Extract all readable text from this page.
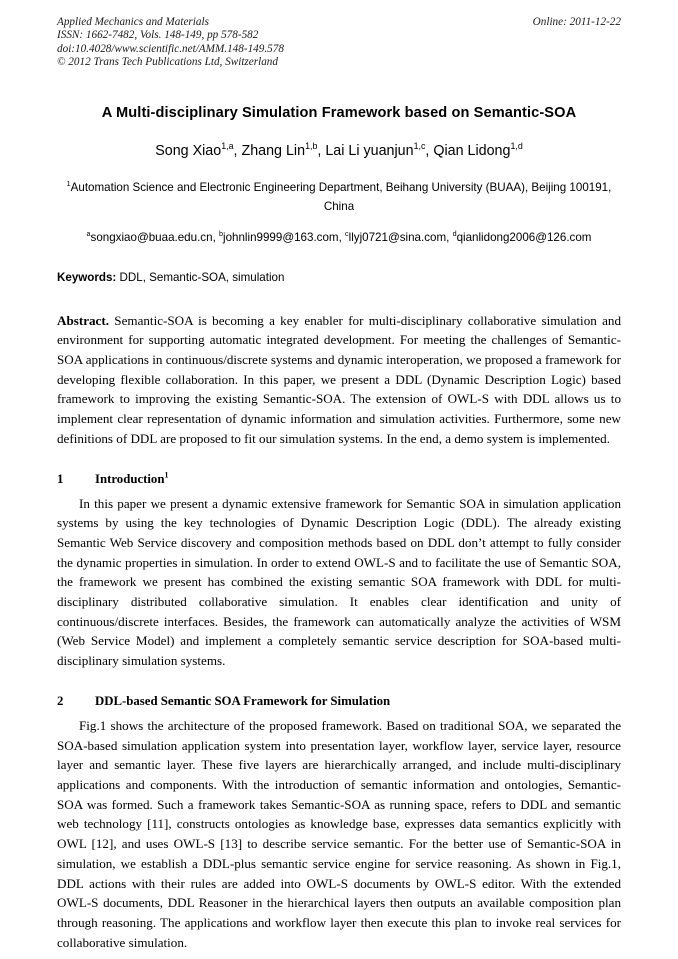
Applied Mechanics and Materials
ISSN: 1662-7482, Vols. 148-149, pp 578-582
doi:10.4028/www.scientific.net/AMM.148-149.578
© 2012 Trans Tech Publications Ltd, Switzerland
Online: 2011-12-22
A Multi-disciplinary Simulation Framework based on Semantic-SOA
Song Xiao$^{1,a}$, Zhang Lin$^{1,b}$, Lai Li yuanjun$^{1,c}$, Qian Lidong$^{1,d}$
$^1$Automation Science and Electronic Engineering Department, Beihang University (BUAA), Beijing 100191, China
$^a$songxiao@buaa.edu.cn, $^b$johnlin9999@163.com, $^c$llyj0721@sina.com, $^d$qianlidong2006@126.com
Keywords: DDL, Semantic-SOA, simulation
Abstract. Semantic-SOA is becoming a key enabler for multi-disciplinary collaborative simulation and environment for supporting automatic integrated development. For meeting the challenges of Semantic-SOA applications in continuous/discrete systems and dynamic interoperation, we proposed a framework for developing flexible collaboration. In this paper, we present a DDL (Dynamic Description Logic) based framework to improving the existing Semantic-SOA. The extension of OWL-S with DDL allows us to implement clear representation of dynamic information and simulation activities. Furthermore, some new definitions of DDL are proposed to fit our simulation systems. In the end, a demo system is implemented.
1 Introduction$^1$
In this paper we present a dynamic extensive framework for Semantic SOA in simulation application systems by using the key technologies of Dynamic Description Logic (DDL). The already existing Semantic Web Service discovery and composition methods based on DDL don’t attempt to fully consider the dynamic properties in simulation. In order to extend OWL-S and to facilitate the use of Semantic SOA, the framework we present has combined the existing semantic SOA framework with DDL for multi-disciplinary distributed collaborative simulation. It enables clear identification and unity of continuous/discrete interfaces. Besides, the framework can automatically analyze the activities of WSM (Web Service Model) and implement a completely semantic service description for SOA-based multi-disciplinary simulation systems.
2 DDL-based Semantic SOA Framework for Simulation
Fig.1 shows the architecture of the proposed framework. Based on traditional SOA, we separated the SOA-based simulation application system into presentation layer, workflow layer, service layer, resource layer and semantic layer. These five layers are hierarchically arranged, and include multi-disciplinary applications and components. With the introduction of semantic information and ontologies, Semantic-SOA was formed. Such a framework takes Semantic-SOA as running space, refers to DDL and semantic web technology [11], constructs ontologies as knowledge base, expresses data semantics explicitly with OWL [12], and uses OWL-S [13] to describe service semantic. For the better use of Semantic-SOA in simulation, we establish a DDL-plus semantic service engine for service reasoning. As shown in Fig.1, DDL actions with their rules are added into OWL-S documents by OWL-S editor. With the extended OWL-S documents, DDL Reasoner in the hierarchical layers then outputs an available composition plan through reasoning. The applications and workflow layer then execute this plan to invoke real services for collaborative simulation.
